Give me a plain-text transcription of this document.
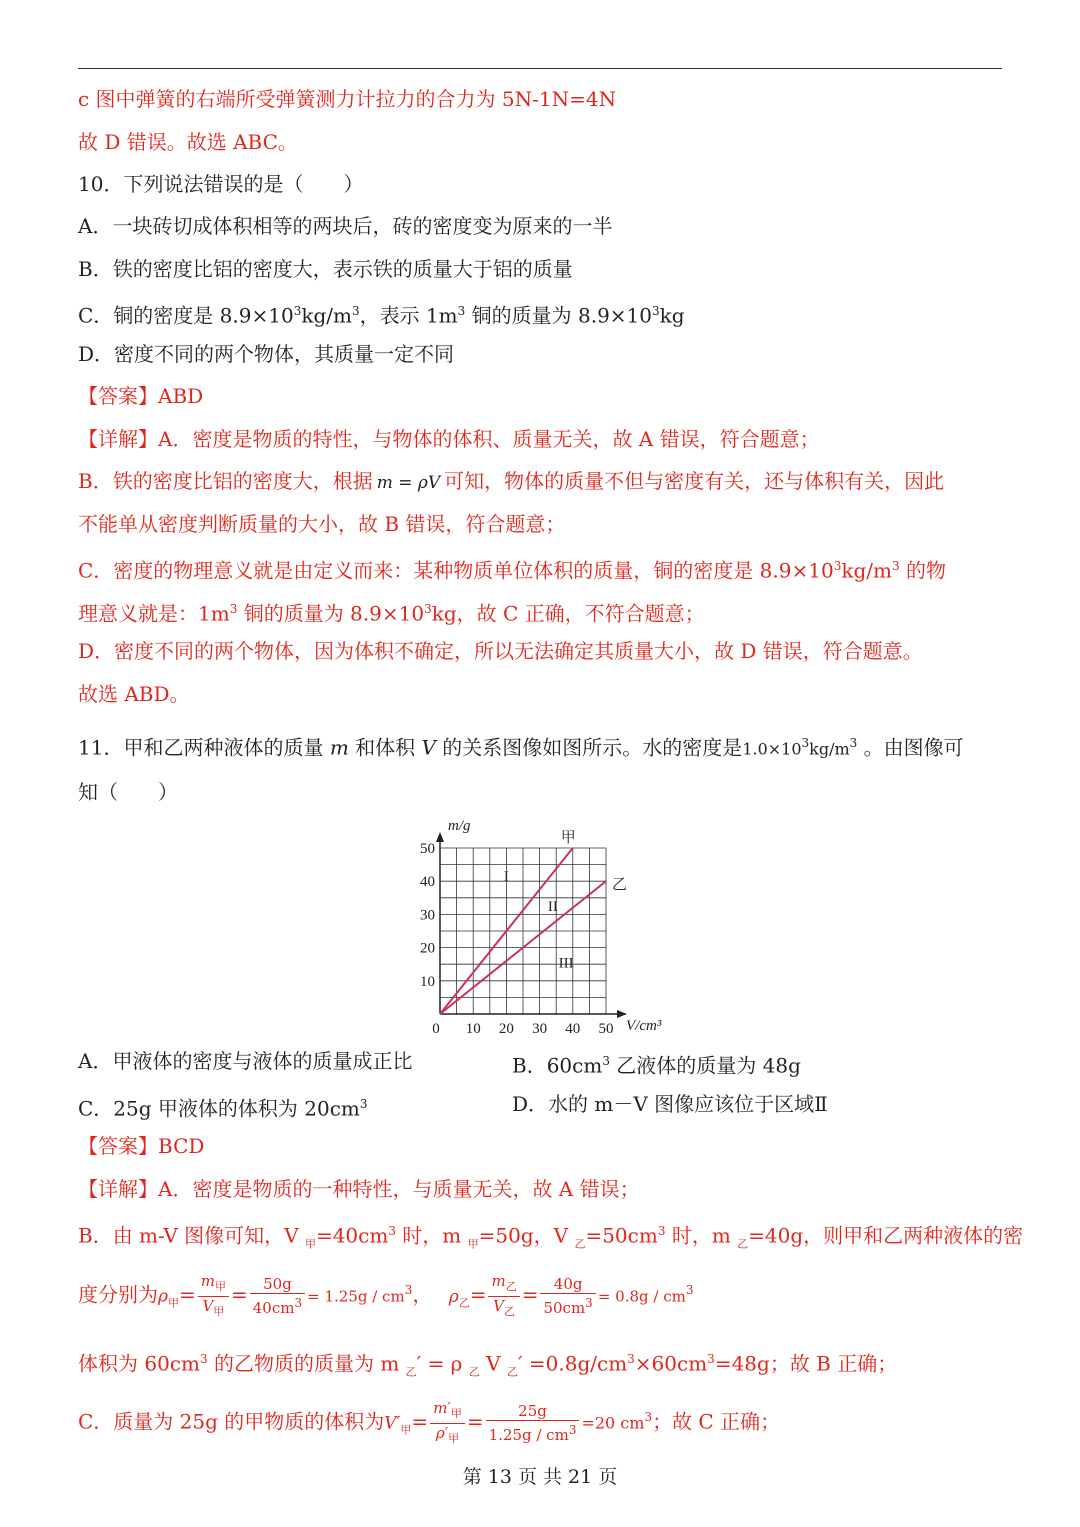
c 图中弹簧的右端所受弹簧测力计拉力的合力为 5N-1N=4N
故 D 错误。故选 ABC。
10．下列说法错误的是（　　）
A．一块砖切成体积相等的两块后，砖的密度变为原来的一半
B．铁的密度比铝的密度大，表示铁的质量大于铝的质量
C．铜的密度是 $8.9\times 10^3kg/m^3$，表示 $1m^3$ 铜的质量为 $8.9\times 10^3kg$
D．密度不同的两个物体，其质量一定不同
【答案】ABD
【详解】A．密度是物质的特性，与物体的体积、质量无关，故 A 错误，符合题意；
B．铁的密度比铝的密度大，根据 m = ρV 可知，物体的质量不但与密度有关，还与体积有关，因此
不能单从密度判断质量的大小，故 B 错误，符合题意；
C．密度的物理意义就是由定义而来：某种物质单位体积的质量，铜的密度是 $8.9\times 10^3kg/m^3$ 的物
理意义就是：$1m^3$ 铜的质量为 $8.9\times 10^3kg$，故 C 正确，不符合题意；
D．密度不同的两个物体，因为体积不确定，所以无法确定其质量大小，故 D 错误，符合题意。
故选 ABD。
11．甲和乙两种液体的质量 m 和体积 V 的关系图像如图所示。水的密度是$1.0\times 10^3kg/m^3$ 。由图像可
知（　　）
0 10 20 30 40 50
10
20
30
40
50
m/g
V/cm³
甲
乙
I
II
III
A．甲液体的密度与液体的质量成正比	B．$60cm^3$ 乙液体的质量为 48g
C．25g 甲液体的体积为 $20cm^3$	D．水的 m－V 图像应该位于区域Ⅱ
【答案】BCD
【详解】A．密度是物质的一种特性，与质量无关，故 A 错误；
B．由 m-V 图像可知，V $_甲=40cm^3$ 时，m $_甲$=50g，V $_乙=50cm^3$ 时，m $_乙$=40g，则甲和乙两种液体的密
度分别为$\rho_甲= \frac{m_甲}{V_甲} = \frac{50g}{40cm^3} = 1.25g / cm^3$， $\rho_乙= \frac{m_乙}{V_乙} = \frac{40g}{50cm^3} = 0.8g / cm^3$
体积为 $60cm^3$ 的乙物质的质量为 m $_乙$′ = ρ $_乙$ V $_乙' =0.8g/cm^3\times 60cm^3=48g$；故 B 正确；
C．质量为 25g 的甲物质的体积为$V'_甲= \frac{m'_甲}{\rho'_甲} = \frac{25g}{1.25g / cm^3} =20$ $cm^3$；故 C 正确；
第 13 页 共 21 页
